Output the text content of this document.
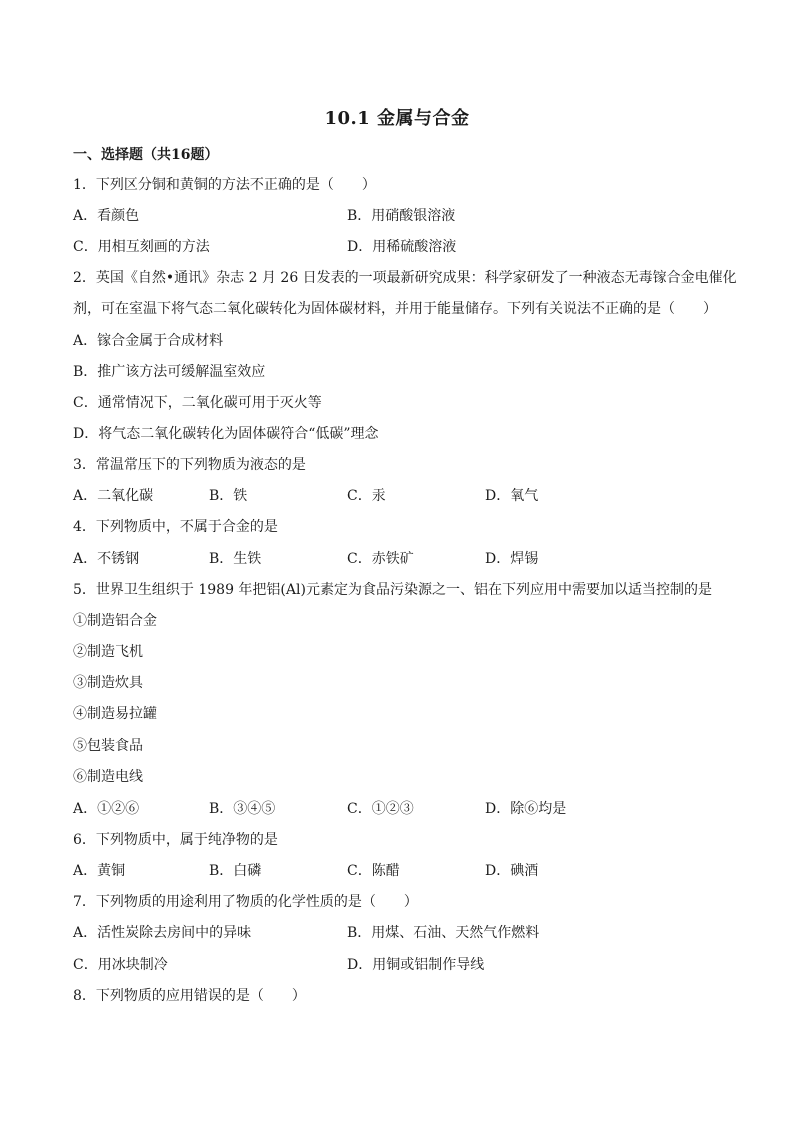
10.1 金属与合金
一、选择题（共16题）
1．下列区分铜和黄铜的方法不正确的是（　　）
A．看颜色	B．用硝酸银溶液
C．用相互刻画的方法	D．用稀硫酸溶液
2．英国《自然•通讯》杂志 2 月 26 日发表的一项最新研究成果：科学家研发了一种液态无毒镓合金电催化
剂，可在室温下将气态二氧化碳转化为固体碳材料，并用于能量储存。下列有关说法不正确的是（　　）
A．镓合金属于合成材料
B．推广该方法可缓解温室效应
C．通常情况下，二氧化碳可用于灭火等
D．将气态二氧化碳转化为固体碳符合“低碳”理念
3．常温常压下的下列物质为液态的是
A．二氧化碳	B．铁	C．汞	D．氧气
4．下列物质中，不属于合金的是
A．不锈钢	B．生铁	C．赤铁矿	D．焊锡
5．世界卫生组织于 1989 年把铝(Al)元素定为食品污染源之一、铝在下列应用中需要加以适当控制的是
①制造铝合金
②制造飞机
③制造炊具
④制造易拉罐
⑤包装食品
⑥制造电线
A．①②⑥	B．③④⑤	C．①②③	D．除⑥均是
6．下列物质中，属于纯净物的是
A．黄铜	B．白磷	C．陈醋	D．碘酒
7．下列物质的用途利用了物质的化学性质的是（　　）
A．活性炭除去房间中的异味	B．用煤、石油、天然气作燃料
C．用冰块制冷	D．用铜或铝制作导线
8．下列物质的应用错误的是（　　）
